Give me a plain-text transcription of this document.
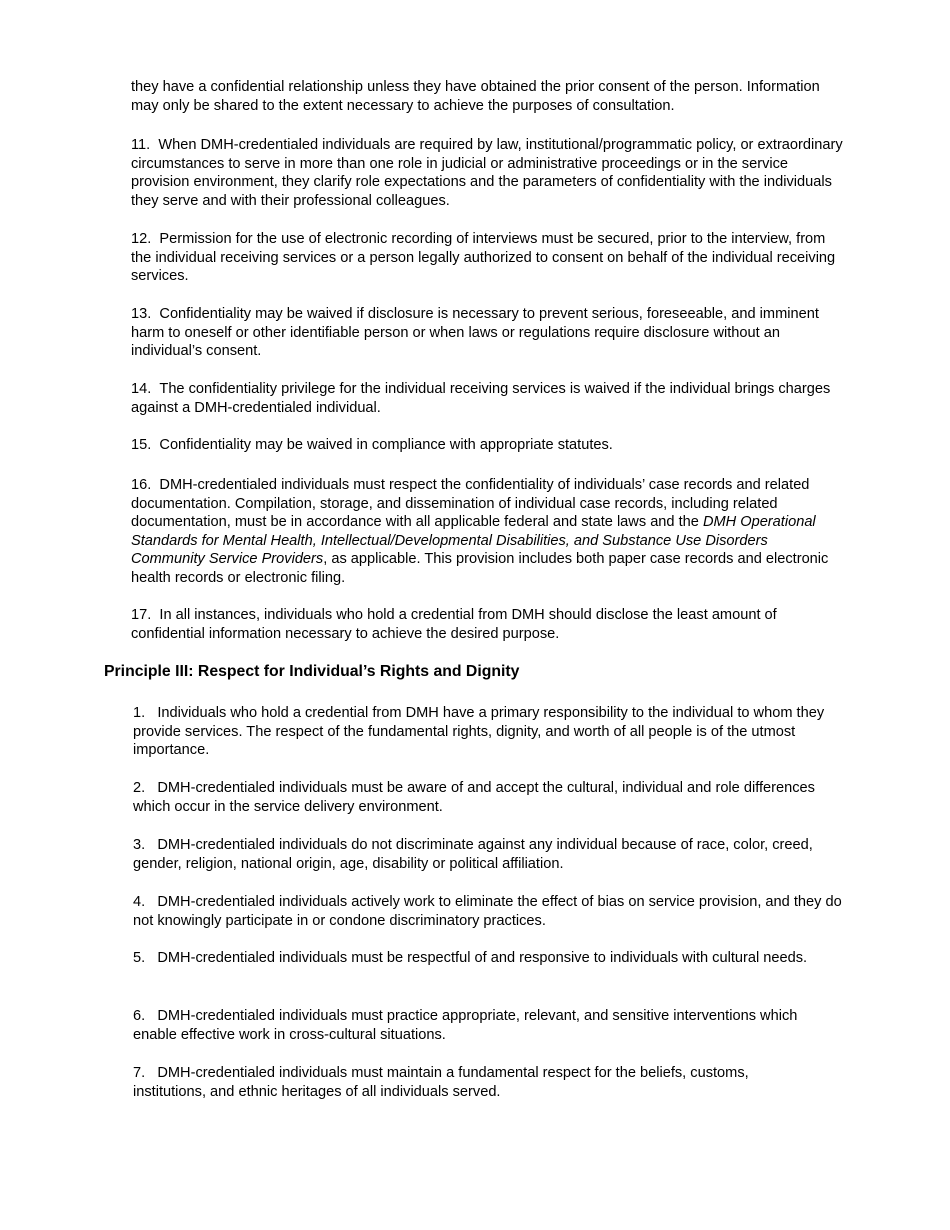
they have a confidential relationship unless they have obtained the prior consent of the person. Information may only be shared to the extent necessary to achieve the purposes of consultation.

11. When DMH-credentialed individuals are required by law, institutional/programmatic policy, or extraordinary circumstances to serve in more than one role in judicial or administrative proceedings or in the service provision environment, they clarify role expectations and the parameters of confidentiality with the individuals they serve and with their professional colleagues.

12. Permission for the use of electronic recording of interviews must be secured, prior to the interview, from the individual receiving services or a person legally authorized to consent on behalf of the individual receiving services.

13. Confidentiality may be waived if disclosure is necessary to prevent serious, foreseeable, and imminent harm to oneself or other identifiable person or when laws or regulations require disclosure without an individual’s consent.

14. The confidentiality privilege for the individual receiving services is waived if the individual brings charges against a DMH-credentialed individual.

15. Confidentiality may be waived in compliance with appropriate statutes.

16. DMH-credentialed individuals must respect the confidentiality of individuals’ case records and related documentation. Compilation, storage, and dissemination of individual case records, including related documentation, must be in accordance with all applicable federal and state laws and the DMH Operational Standards for Mental Health, Intellectual/Developmental Disabilities, and Substance Use Disorders Community Service Providers, as applicable. This provision includes both paper case records and electronic health records or electronic filing.

17. In all instances, individuals who hold a credential from DMH should disclose the least amount of confidential information necessary to achieve the desired purpose.

Principle III: Respect for Individual’s Rights and Dignity

1. Individuals who hold a credential from DMH have a primary responsibility to the individual to whom they provide services. The respect of the fundamental rights, dignity, and worth of all people is of the utmost importance.

2. DMH-credentialed individuals must be aware of and accept the cultural, individual and role differences which occur in the service delivery environment.

3. DMH-credentialed individuals do not discriminate against any individual because of race, color, creed, gender, religion, national origin, age, disability or political affiliation.

4. DMH-credentialed individuals actively work to eliminate the effect of bias on service provision, and they do not knowingly participate in or condone discriminatory practices.

5. DMH-credentialed individuals must be respectful of and responsive to individuals with cultural needs.

6. DMH-credentialed individuals must practice appropriate, relevant, and sensitive interventions which enable effective work in cross-cultural situations.

7. DMH-credentialed individuals must maintain a fundamental respect for the beliefs, customs, institutions, and ethnic heritages of all individuals served.
